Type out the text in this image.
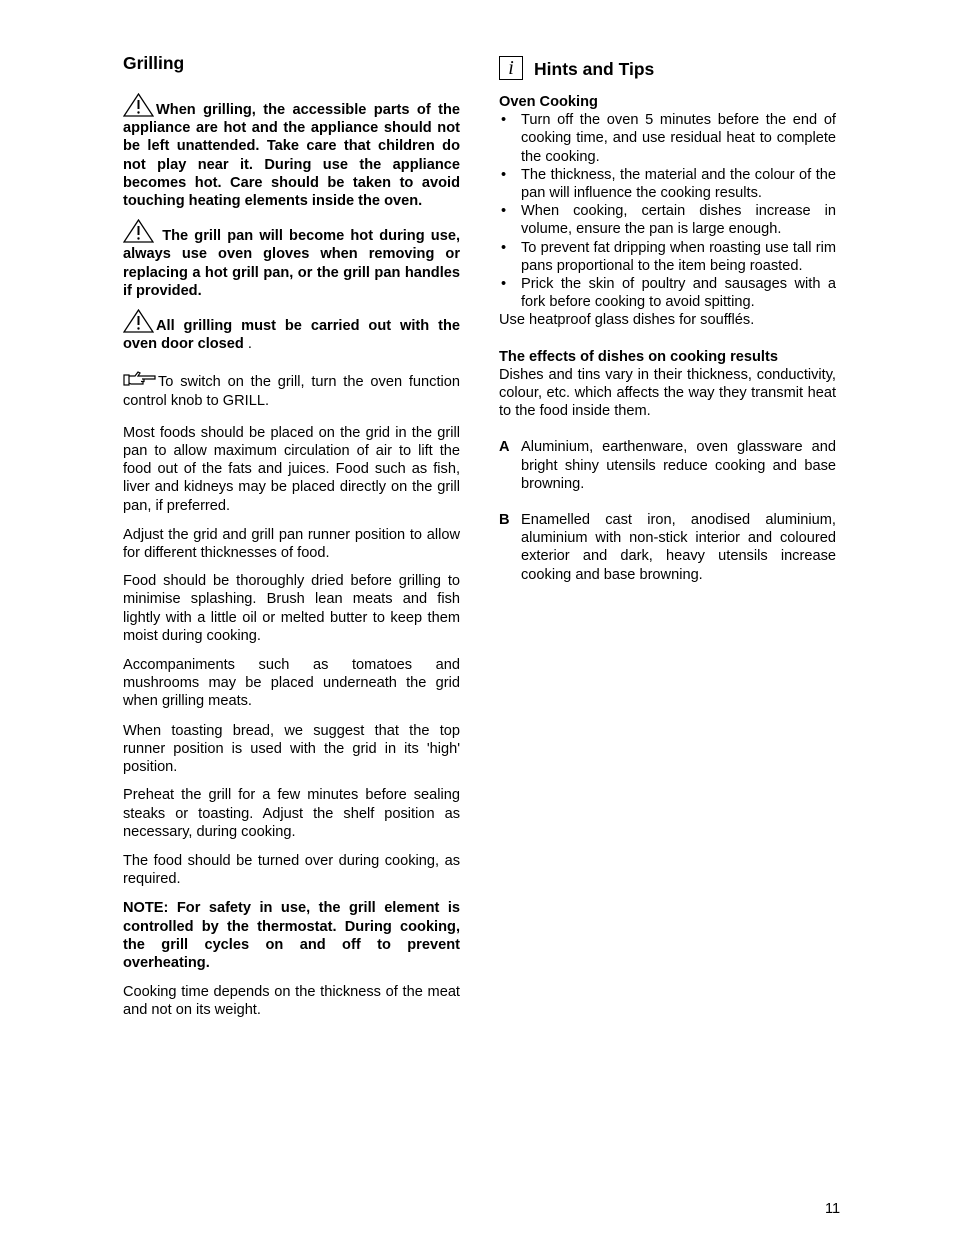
Grilling

When grilling, the accessible parts of the appliance are hot and the appliance should not be left unattended. Take care that children do not play near it. During use the appliance becomes hot. Care should be taken to avoid touching heating elements inside the oven.

The grill pan will become hot during use, always use oven gloves when removing or replacing a hot grill pan, or the grill pan handles if provided.

All grilling must be carried out with the oven door closed .

To switch on the grill, turn the oven function control knob to GRILL.

Most foods should be placed on the grid in the grill pan to allow maximum circulation of air to lift the food out of the fats and juices. Food such as fish, liver and kidneys may be placed directly on the grill pan, if preferred.

Adjust the grid and grill pan runner position to allow for different thicknesses of food.

Food should be thoroughly dried before grilling to minimise splashing. Brush lean meats and fish lightly with a little oil or melted butter to keep them moist during cooking.

Accompaniments such as tomatoes and mushrooms may be placed underneath the grid when grilling meats.

When toasting bread, we suggest that the top runner position is used with the grid in its 'high' position.

Preheat the grill for a few minutes before sealing steaks or toasting. Adjust the shelf position as necessary, during cooking.

The food should be turned over during cooking, as required.

NOTE: For safety in use, the grill element is controlled by the thermostat. During cooking, the grill cycles on and off to prevent overheating.

Cooking time depends on the thickness of the meat and not on its weight.

i	Hints and Tips

Oven Cooking

• Turn off the oven 5 minutes before the end of cooking time, and use residual heat to complete the cooking.
• The thickness, the material and the colour of the pan will influence the cooking results.
• When cooking, certain dishes increase in volume, ensure the pan is large enough.
• To prevent fat dripping when roasting use tall rim pans proportional to the item being roasted.
• Prick the skin of poultry and sausages with a fork before cooking to avoid spitting.

Use heatproof glass dishes for soufflés.

The effects of dishes on cooking results

Dishes and tins vary in their thickness, conductivity, colour, etc. which affects the way they transmit heat to the food inside them.

A Aluminium, earthenware, oven glassware and bright shiny utensils reduce cooking and base browning.
B Enamelled cast iron, anodised aluminium, aluminium with non-stick interior and coloured exterior and dark, heavy utensils increase cooking and base browning.
11
